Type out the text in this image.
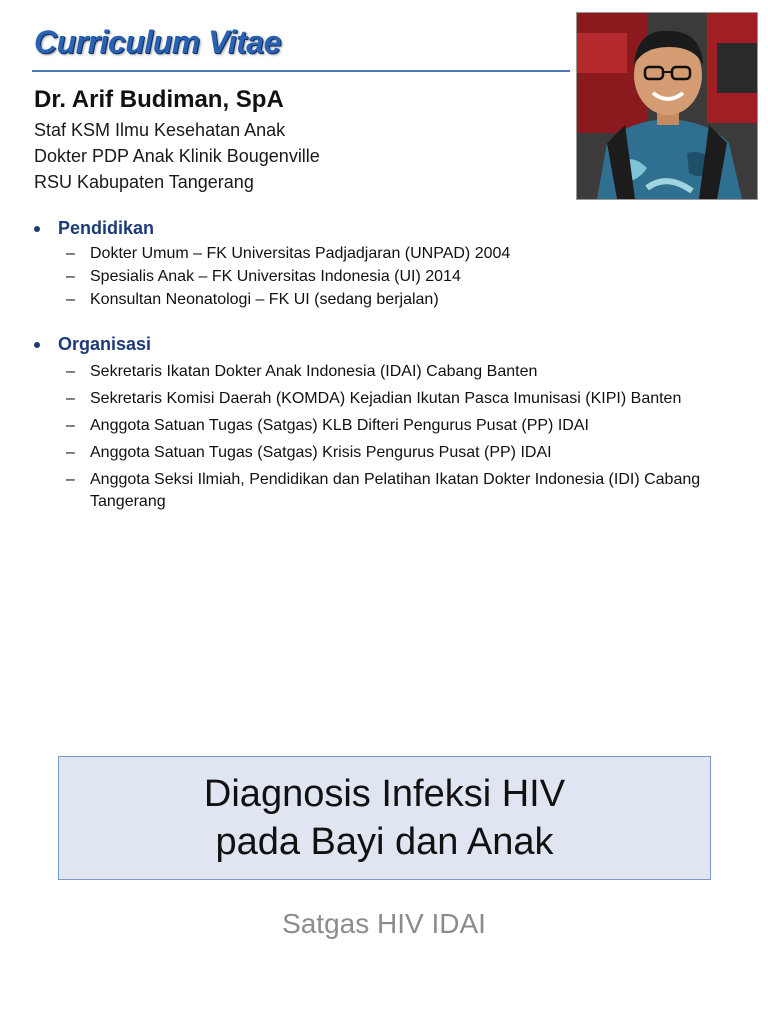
Curriculum Vitae
Dr. Arif Budiman, SpA
Staf KSM Ilmu Kesehatan Anak
Dokter PDP Anak Klinik Bougenville
RSU Kabupaten Tangerang
Pendidikan
– Dokter Umum – FK Universitas Padjadjaran (UNPAD) 2004
– Spesialis Anak – FK Universitas Indonesia (UI) 2014
– Konsultan Neonatologi – FK UI (sedang berjalan)
Organisasi
– Sekretaris Ikatan Dokter Anak Indonesia (IDAI) Cabang Banten
– Sekretaris Komisi Daerah (KOMDA) Kejadian Ikutan Pasca Imunisasi (KIPI) Banten
– Anggota Satuan Tugas (Satgas) KLB Difteri Pengurus Pusat (PP) IDAI
– Anggota Satuan Tugas (Satgas) Krisis Pengurus Pusat (PP) IDAI
– Anggota Seksi Ilmiah, Pendidikan dan Pelatihan Ikatan Dokter Indonesia (IDI) Cabang Tangerang
Diagnosis Infeksi HIV
pada Bayi dan Anak
Satgas HIV IDAI
